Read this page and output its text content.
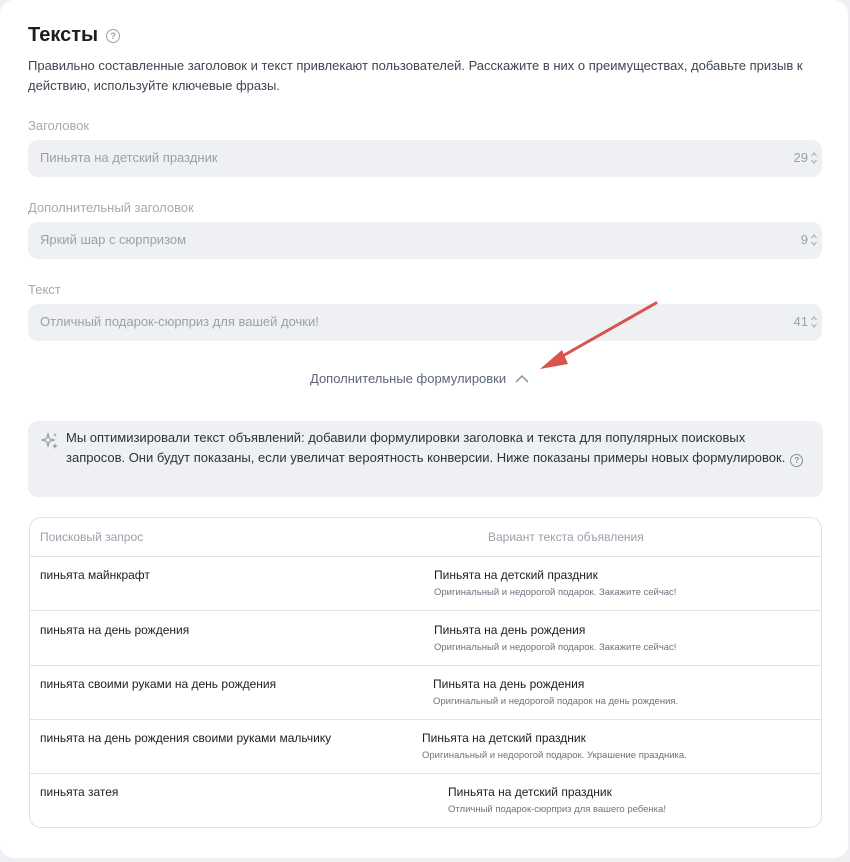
Тексты	?
Правильно составленные заголовок и текст привлекают пользователей. Расскажите в них о преимуществах, добавьте призыв к действию, используйте ключевые фразы.
Заголовок
Пиньята на детский праздник	29
Дополнительный заголовок
Яркий шар с сюрпризом	9
Текст
Отличный подарок-сюрприз для вашей дочки!	41
Дополнительные формулировки
Мы оптимизировали текст объявлений: добавили формулировки заголовка и текста для популярных поисковых запросов. Они будут показаны, если увеличат вероятность конверсии. Ниже показаны примеры новых формулировок. ?
Поисковый запрос	Вариант текста объявления
пиньята майнкрафт	Пиньята на детский праздник
Оригинальный и недорогой подарок. Закажите сейчас!
пиньята на день рождения	Пиньята на день рождения
Оригинальный и недорогой подарок. Закажите сейчас!
пиньята своими руками на день рождения	Пиньята на день рождения
Оригинальный и недорогой подарок на день рождения.
пиньята на день рождения своими руками мальчику	Пиньята на детский праздник
Оригинальный и недорогой подарок. Украшение праздника.
пиньята затея	Пиньята на детский праздник
Отличный подарок-сюрприз для вашего ребенка!
